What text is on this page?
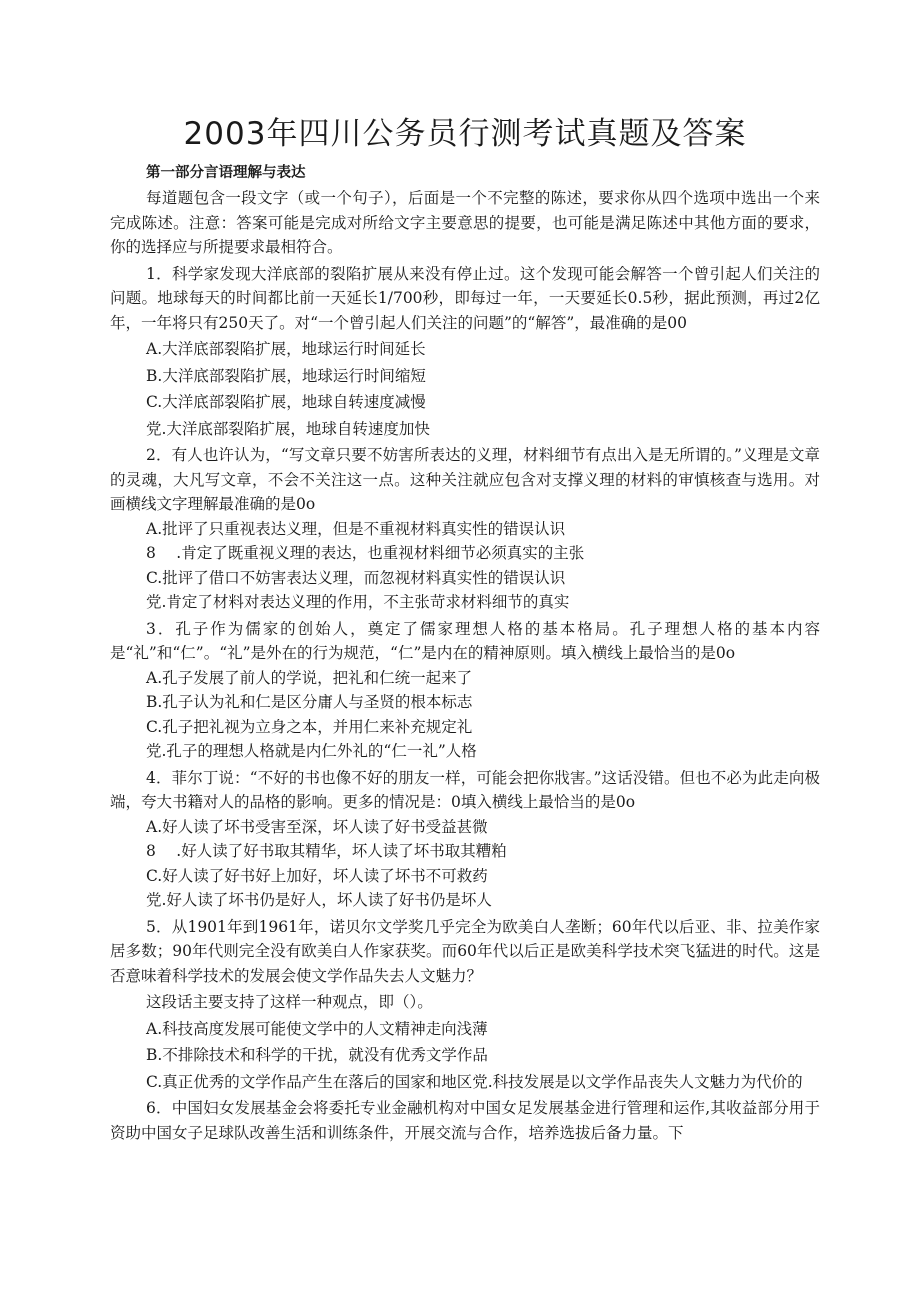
2003年四川公务员行测考试真题及答案
第一部分言语理解与表达

每道题包含一段文字（或一个句子），后面是一个不完整的陈述，要求你从四个选项中选出一个来完成陈述。注意：答案可能是完成对所给文字主要意思的提要，也可能是满足陈述中其他方面的要求，你的选择应与所提要求最相符合。

1．科学家发现大洋底部的裂陷扩展从来没有停止过。这个发现可能会解答一个曾引起人们关注的问题。地球每天的时间都比前一天延长1/700秒，即每过一年，一天要延长0.5秒，据此预测，再过2亿年，一年将只有250天了。对“一个曾引起人们关注的问题”的“解答”，最准确的是00

A.大洋底部裂陷扩展，地球运行时间延长
B.大洋底部裂陷扩展，地球运行时间缩短
C.大洋底部裂陷扩展，地球自转速度减慢
党.大洋底部裂陷扩展，地球自转速度加快

2．有人也许认为，“写文章只要不妨害所表达的义理，材料细节有点出入是无所谓的。”义理是文章的灵魂，大凡写文章，不会不关注这一点。这种关注就应包含对支撑义理的材料的审慎核查与选用。对画横线文字理解最准确的是0o

A.批评了只重视表达义理，但是不重视材料真实性的错误认识
8　 .肯定了既重视义理的表达，也重视材料细节必须真实的主张
C.批评了借口不妨害表达义理，而忽视材料真实性的错误认识
党.肯定了材料对表达义理的作用，不主张苛求材料细节的真实

3．孔子作为儒家的创始人，奠定了儒家理想人格的基本格局。孔子理想人格的基本内容是“礼”和“仁”。“礼”是外在的行为规范，“仁”是内在的精神原则。填入横线上最恰当的是0o

A.孔子发展了前人的学说，把礼和仁统一起来了
B.孔子认为礼和仁是区分庸人与圣贤的根本标志
C.孔子把礼视为立身之本，并用仁来补充规定礼
党.孔子的理想人格就是内仁外礼的“仁一礼”人格

4．菲尔丁说：“不好的书也像不好的朋友一样，可能会把你戕害。”这话没错。但也不必为此走向极端，夸大书籍对人的品格的影响。更多的情况是：0填入横线上最恰当的是0o

A.好人读了坏书受害至深，坏人读了好书受益甚微
8　 .好人读了好书取其精华，坏人读了坏书取其糟粕
C.好人读了好书好上加好，坏人读了坏书不可救药
党.好人读了坏书仍是好人，坏人读了好书仍是坏人

5．从1901年到1961年，诺贝尔文学奖几乎完全为欧美白人垄断；60年代以后亚、非、拉美作家居多数；90年代则完全没有欧美白人作家获奖。而60年代以后正是欧美科学技术突飞猛进的时代。这是否意味着科学技术的发展会使文学作品失去人文魅力？

这段话主要支持了这样一种观点，即（）。
A.科技高度发展可能使文学中的人文精神走向浅薄
B.不排除技术和科学的干扰，就没有优秀文学作品
C.真正优秀的文学作品产生在落后的国家和地区党.科技发展是以文学作品丧失人文魅力为代价的

6．中国妇女发展基金会将委托专业金融机构对中国女足发展基金进行管理和运作,其收益部分用于资助中国女子足球队改善生活和训练条件，开展交流与合作，培养选拔后备力量。下
